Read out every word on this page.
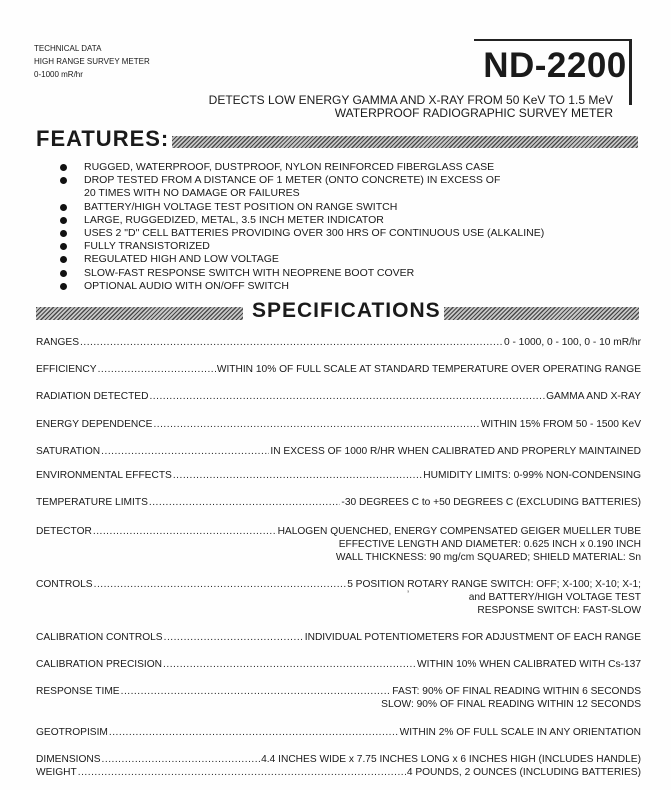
TECHNICAL DATA
HIGH RANGE SURVEY METER
0-1000 mR/hr	ND-2200
DETECTS LOW ENERGY GAMMA AND X-RAY FROM 50 KeV TO 1.5 MeV
WATERPROOF RADIOGRAPHIC SURVEY METER
FEATURES:
RUGGED, WATERPROOF, DUSTPROOF, NYLON REINFORCED FIBERGLASS CASE
DROP TESTED FROM A DISTANCE OF 1 METER (ONTO CONCRETE) IN EXCESS OF
20 TIMES WITH NO DAMAGE OR FAILURES
BATTERY/HIGH VOLTAGE TEST POSITION ON RANGE SWITCH
LARGE, RUGGEDIZED, METAL, 3.5 INCH METER INDICATOR
USES 2 "D" CELL BATTERIES PROVIDING OVER 300 HRS OF CONTINUOUS USE (ALKALINE)
FULLY TRANSISTORIZED
REGULATED HIGH AND LOW VOLTAGE
SLOW-FAST RESPONSE SWITCH WITH NEOPRENE BOOT COVER
OPTIONAL AUDIO WITH ON/OFF SWITCH
SPECIFICATIONS
RANGES .....	0 - 1000, 0 - 100, 0 - 10 mR/hr
EFFICIENCY .....	WITHIN 10% OF FULL SCALE AT STANDARD TEMPERATURE OVER OPERATING RANGE
RADIATION DETECTED .....	GAMMA AND X-RAY
ENERGY DEPENDENCE .....	WITHIN 15% FROM 50 - 1500 KeV
SATURATION .....	IN EXCESS OF 1000 R/HR WHEN CALIBRATED AND PROPERLY MAINTAINED
ENVIRONMENTAL EFFECTS .....	HUMIDITY LIMITS: 0-99% NON-CONDENSING
TEMPERATURE LIMITS .....	-30 DEGREES C to +50 DEGREES C (EXCLUDING BATTERIES)
DETECTOR .....	HALOGEN QUENCHED, ENERGY COMPENSATED GEIGER MUELLER TUBE
EFFECTIVE LENGTH AND DIAMETER: 0.625 INCH x 0.190 INCH
WALL THICKNESS: 90 mg/cm SQUARED; SHIELD MATERIAL: Sn
CONTROLS .....	5 POSITION ROTARY RANGE SWITCH: OFF; X-100; X-10; X-1;
and BATTERY/HIGH VOLTAGE TEST
RESPONSE SWITCH: FAST-SLOW
ʼ
CALIBRATION CONTROLS .....	INDIVIDUAL POTENTIOMETERS FOR ADJUSTMENT OF EACH RANGE
CALIBRATION PRECISION .....	WITHIN 10% WHEN CALIBRATED WITH Cs-137
RESPONSE TIME .....	FAST: 90% OF FINAL READING WITHIN 6 SECONDS
SLOW: 90% OF FINAL READING WITHIN 12 SECONDS
GEOTROPISIM .....	WITHIN 2% OF FULL SCALE IN ANY ORIENTATION
DIMENSIONS .....	4.4 INCHES WIDE x 7.75 INCHES LONG x 6 INCHES HIGH (INCLUDES HANDLE)
WEIGHT .....	4 POUNDS, 2 OUNCES (INCLUDING BATTERIES)
